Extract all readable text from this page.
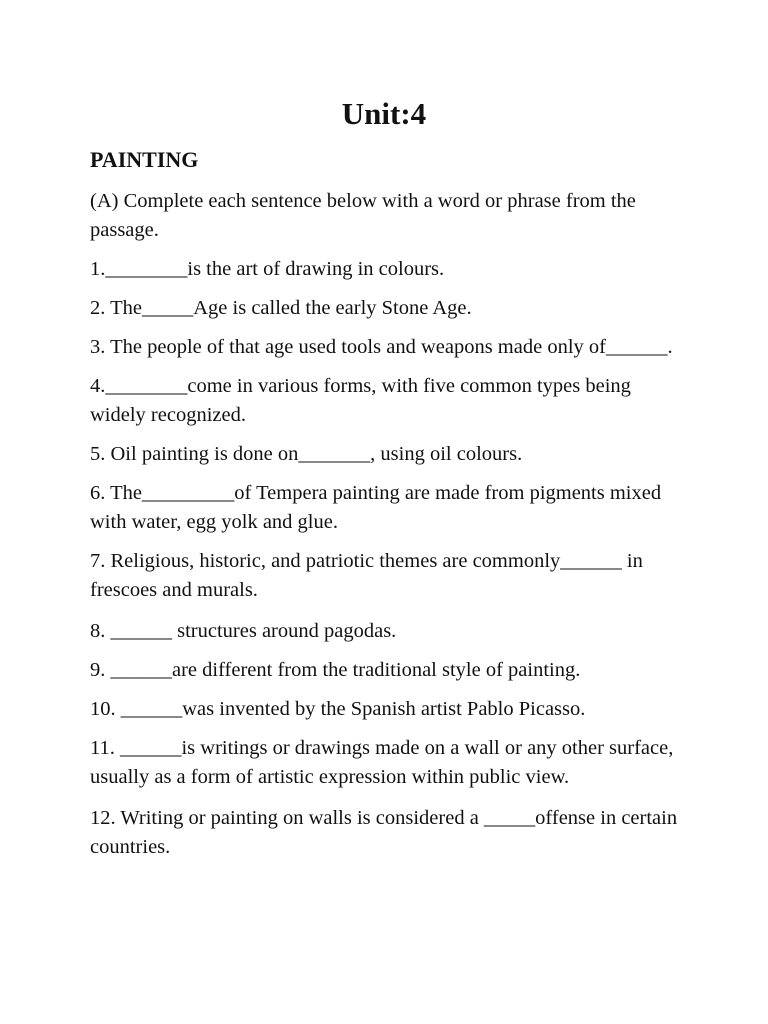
Unit:4
PAINTING

(A) Complete each sentence below with a word or phrase from the passage.

1.________is the art of drawing in colours.

2. The_____Age is called the early Stone Age.

3. The people of that age used tools and weapons made only of______.

4.________come in various forms, with five common types being widely recognized.

5. Oil painting is done on_______, using oil colours.

6. The_________of Tempera painting are made from pigments mixed with water, egg yolk and glue.

7. Religious, historic, and patriotic themes are commonly______ in frescoes and murals.

8. ______ structures around pagodas.

9. ______are different from the traditional style of painting.

10. ______was invented by the Spanish artist Pablo Picasso.

11. ______is writings or drawings made on a wall or any other surface, usually as a form of artistic expression within public view.

12. Writing or painting on walls is considered a _____offense in certain countries.
